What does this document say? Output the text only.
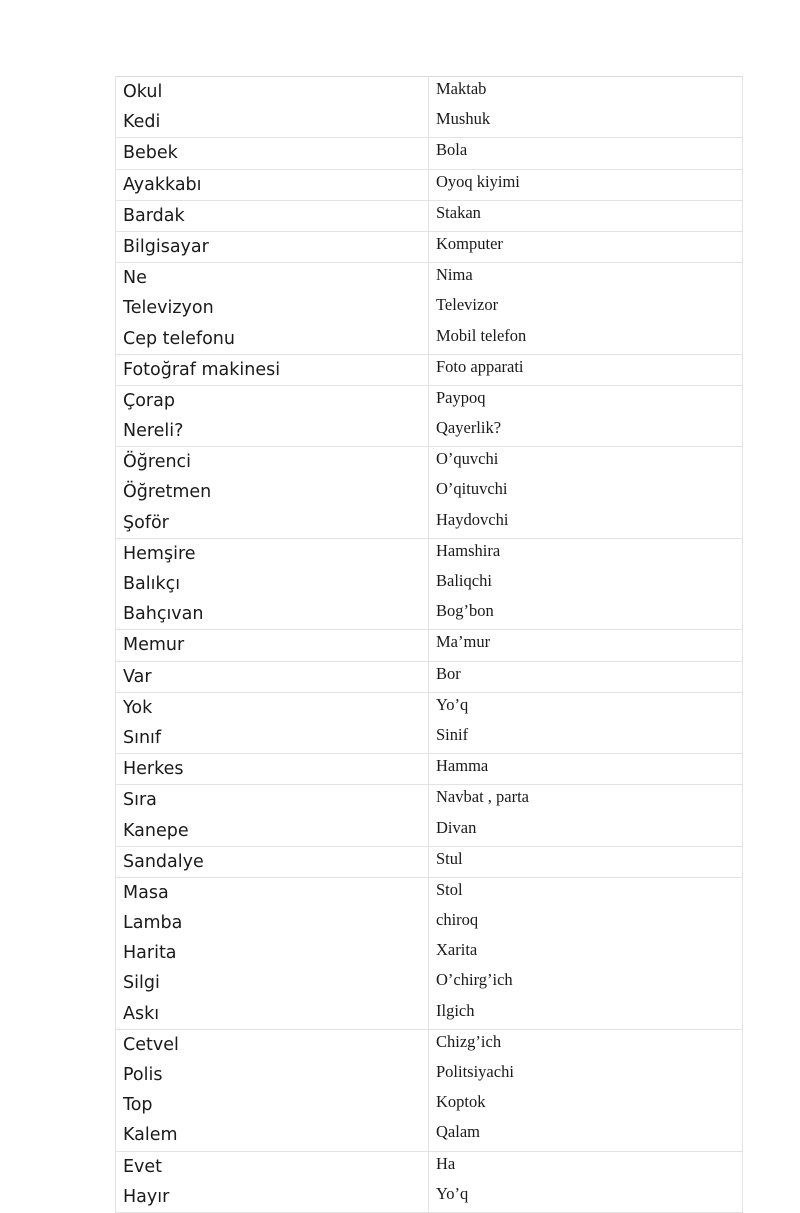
Okul	Maktab
Kedi	Mushuk
Bebek	Bola
Ayakkabı	Oyoq kiyimi
Bardak	Stakan
Bilgisayar	Komputer
Ne	Nima
Televizyon	Televizor
Cep telefonu	Mobil telefon
Fotoğraf makinesi	Foto apparati
Çorap	Paypoq
Nereli?	Qayerlik?
Öğrenci	O’quvchi
Öğretmen	O’qituvchi
Şoför	Haydovchi
Hemşire	Hamshira
Balıkçı	Baliqchi
Bahçıvan	Bog’bon
Memur	Ma’mur
Var	Bor
Yok	Yo’q
Sınıf	Sinif
Herkes	Hamma
Sıra	Navbat , parta
Kanepe	Divan
Sandalye	Stul
Masa	Stol
Lamba	chiroq
Harita	Xarita
Silgi	O’chirg’ich
Askı	Ilgich
Cetvel	Chizg’ich
Polis	Politsiyachi
Top	Koptok
Kalem	Qalam
Evet	Ha
Hayır	Yo’q
